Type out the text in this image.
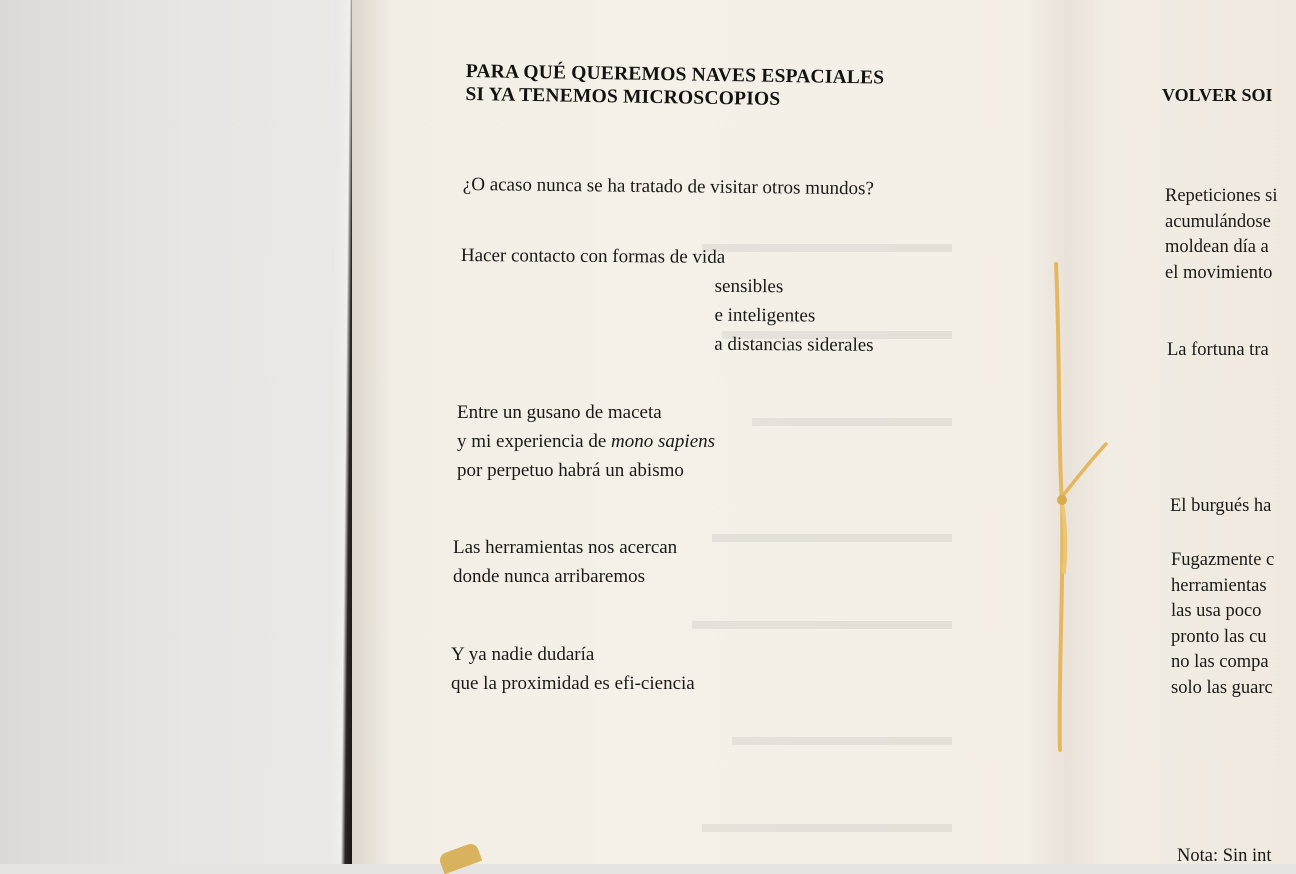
PARA QUÉ QUEREMOS NAVES ESPACIALES
SI YA TENEMOS MICROSCOPIOS
¿O acaso nunca se ha tratado de visitar otros mundos?
Hacer contacto con formas de vida
sensibles
e inteligentes
a distancias siderales
Entre un gusano de maceta
y mi experiencia de mono sapiens
por perpetuo habrá un abismo
Las herramientas nos acercan
donde nunca arribaremos
Y ya nadie dudaría
que la proximidad es efi-ciencia
VOLVER SOI
Repeticiones si
acumulándose
moldean día a
el movimiento
La fortuna tra
El burgués ha
Fugazmente c
herramientas
las usa poco
pronto las cu
no las compa
solo las guarc
Nota: Sin int
